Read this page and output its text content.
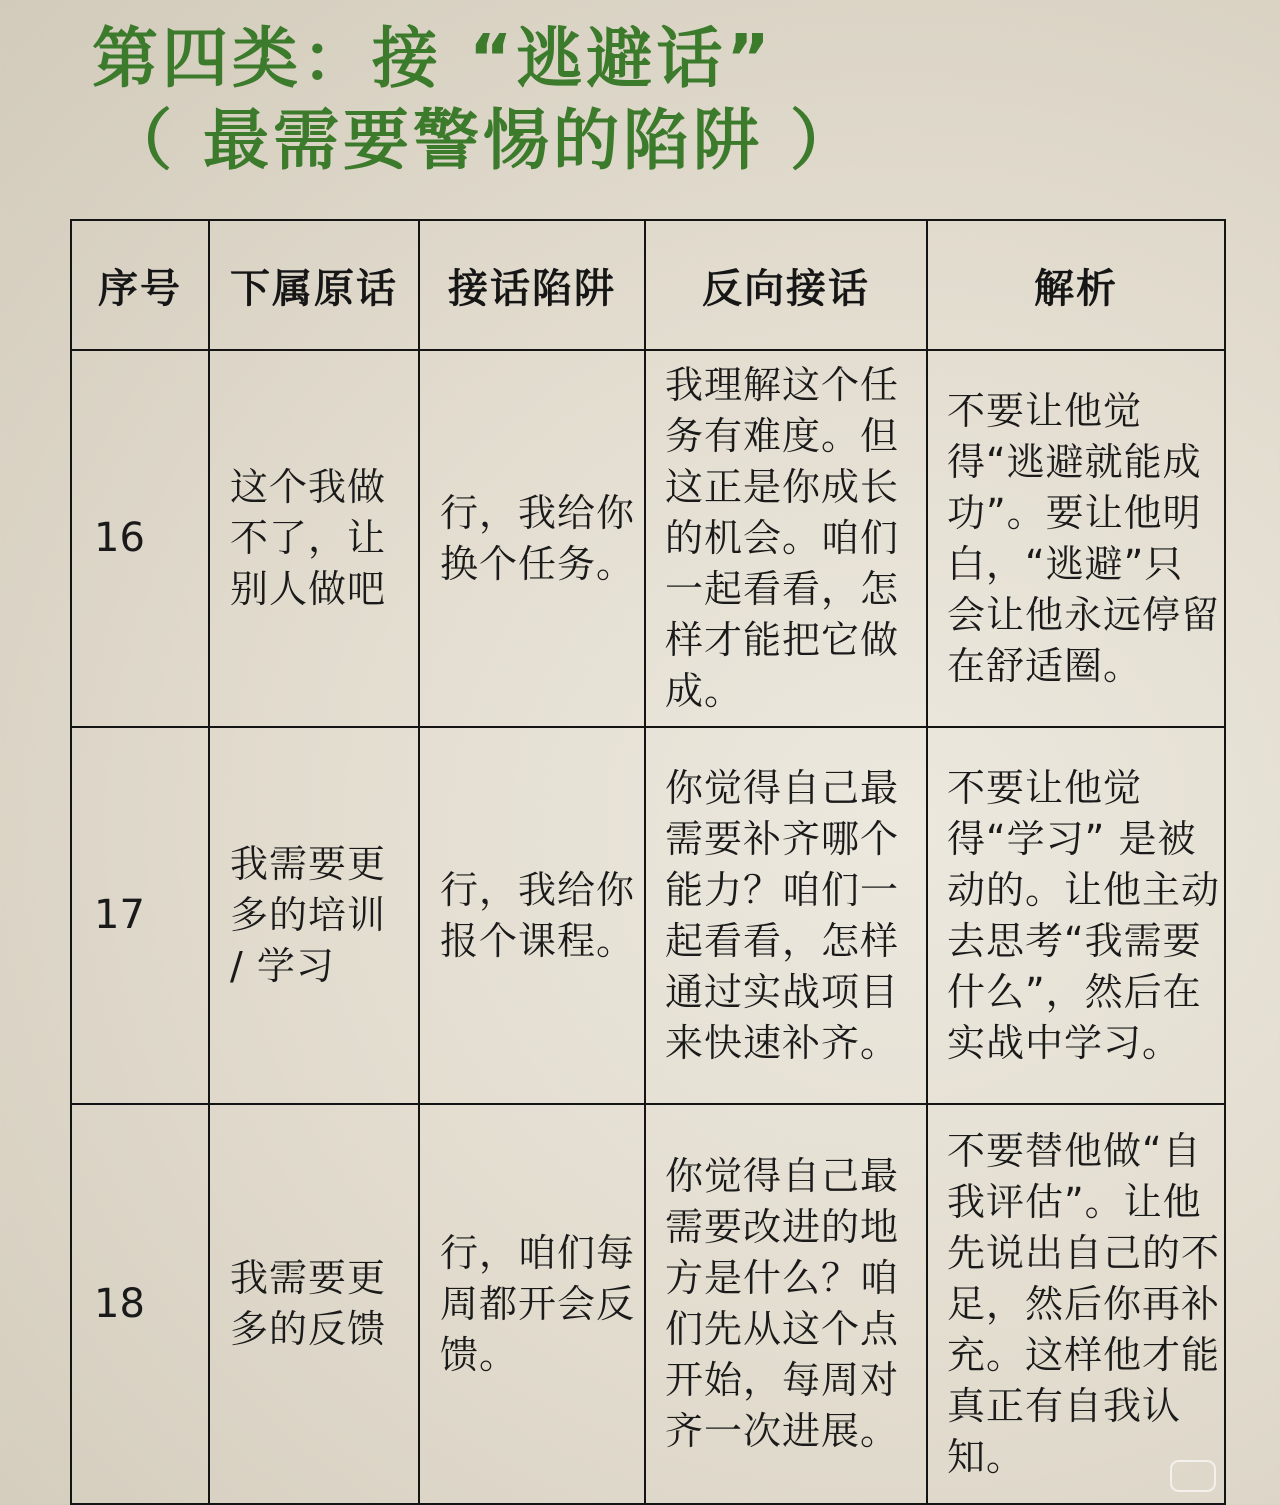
第四类：接 “逃避话”
（ 最需要警惕的陷阱 ）
序号	下属原话	接话陷阱	反向接话	解析

16	这个我做不了，让别人做吧	行，我给你换个任务。	我理解这个任务有难度。但这正是你成长的机会。咱们一起看看，怎样才能把它做成。	不要让他觉得“逃避就能成功”。要让他明白，“逃避”只会让他永远停留在舒适圈。

17	我需要更多的培训 / 学习	行，我给你报个课程。	你觉得自己最需要补齐哪个能力？咱们一起看看，怎样通过实战项目来快速补齐。	不要让他觉得“学习” 是被动的。让他主动去思考“我需要什么”，然后在实战中学习。

18	我需要更多的反馈	行，咱们每周都开会反馈。	你觉得自己最需要改进的地方是什么？咱们先从这个点开始，每周对齐一次进展。	不要替他做“自我评估”。让他先说出自己的不足，然后你再补充。这样他才能真正有自我认知。
